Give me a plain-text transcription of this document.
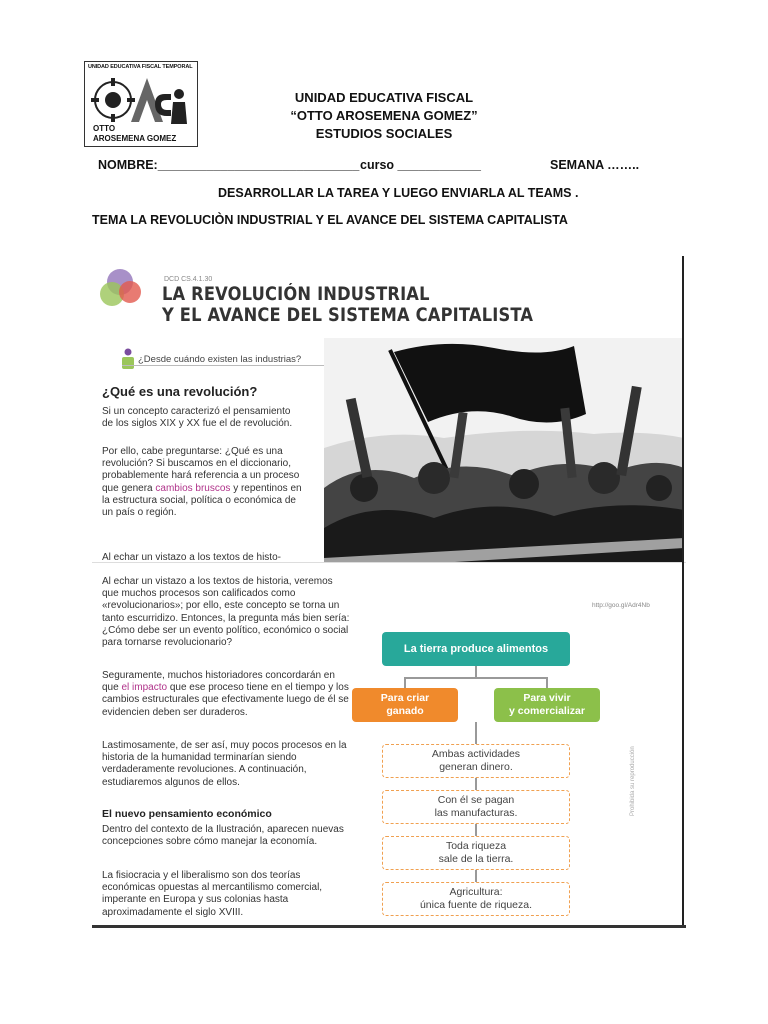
UNIDAD EDUCATIVA FISCAL TEMPORAL
OTTO
AROSEMENA GOMEZ
UNIDAD EDUCATIVA FISCAL
“OTTO AROSEMENA GOMEZ”
ESTUDIOS SOCIALES
NOMBRE:_____________________________ curso ____________	SEMANA ……..
DESARROLLAR LA TAREA Y LUEGO ENVIARLA AL TEAMS .
TEMA LA REVOLUCIÒN INDUSTRIAL Y EL AVANCE DEL SISTEMA CAPITALISTA
DCD CS.4.1.30
LA REVOLUCIÓN INDUSTRIAL
Y EL AVANCE DEL SISTEMA CAPITALISTA
¿Desde cuándo existen las industrias?
¿Qué es una revolución?
Si un concepto caracterizó el pensamiento de los siglos XIX y XX fue el de revolución.
Por ello, cabe preguntarse: ¿Qué es una revolución? Si buscamos en el diccionario, probablemente hará referencia a un proceso que genera cambios bruscos y repentinos en la estructura social, política o económica de un país o región.
Al echar un vistazo a los textos de histo-
Al echar un vistazo a los textos de historia, veremos que muchos procesos son calificados como «revolucionarios»; por ello, este concepto se torna un tanto escurridizo. Entonces, la pregunta más bien sería: ¿Cómo debe ser un evento político, económico o social para tornarse revolucionario?
Seguramente, muchos historiadores concordarán en que el impacto que ese proceso tiene en el tiempo y los cambios estructurales que efectivamente luego de él se evidencien deben ser duraderos.
Lastimosamente, de ser así, muy pocos procesos en la historia de la humanidad terminarían siendo verdaderamente revoluciones. A continuación, estudiaremos algunos de ellos.
El nuevo pensamiento económico
Dentro del contexto de la Ilustración, aparecen nuevas concepciones sobre cómo manejar la economía.
La fisiocracia y el liberalismo son dos teorías económicas opuestas al mercantilismo comercial, imperante en Europa y sus colonias hasta aproximadamente el siglo XVIII.
http://goo.gl/Adr4Nb
Prohibida su reproducción
La tierra produce alimentos
Para criar
ganado
Para vivir
y comercializar
Ambas actividades
generan dinero.
Con él se pagan
las manufacturas.
Toda riqueza
sale de la tierra.
Agricultura:
única fuente de riqueza.
